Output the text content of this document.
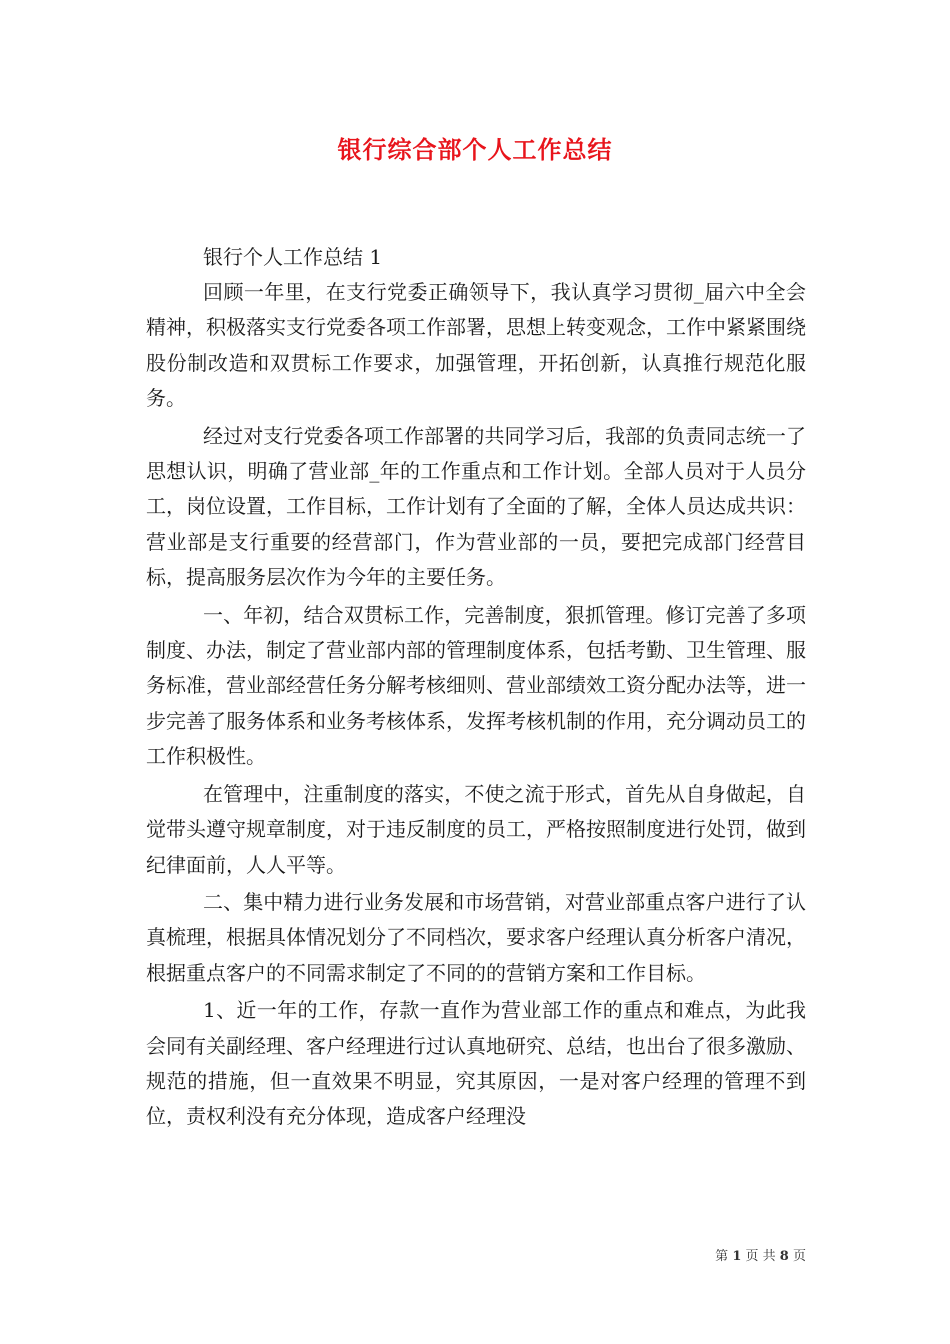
银行综合部个人工作总结
银行个人工作总结 1

回顾一年里，在支行党委正确领导下，我认真学习贯彻_届六中全会精神，积极落实支行党委各项工作部署，思想上转变观念，工作中紧紧围绕股份制改造和双贯标工作要求，加强管理，开拓创新，认真推行规范化服务。

经过对支行党委各项工作部署的共同学习后，我部的负责同志统一了思想认识，明确了营业部_年的工作重点和工作计划。全部人员对于人员分工，岗位设置，工作目标，工作计划有了全面的了解，全体人员达成共识：营业部是支行重要的经营部门，作为营业部的一员，要把完成部门经营目标，提高服务层次作为今年的主要任务。

一、年初，结合双贯标工作，完善制度，狠抓管理。修订完善了多项制度、办法，制定了营业部内部的管理制度体系，包括考勤、卫生管理、服务标准，营业部经营任务分解考核细则、营业部绩效工资分配办法等，进一步完善了服务体系和业务考核体系，发挥考核机制的作用，充分调动员工的工作积极性。

在管理中，注重制度的落实，不使之流于形式，首先从自身做起，自觉带头遵守规章制度，对于违反制度的员工，严格按照制度进行处罚，做到纪律面前，人人平等。

二、集中精力进行业务发展和市场营销，对营业部重点客户进行了认真梳理，根据具体情况划分了不同档次，要求客户经理认真分析客户清况，根据重点客户的不同需求制定了不同的的营销方案和工作目标。

1、近一年的工作，存款一直作为营业部工作的重点和难点，为此我会同有关副经理、客户经理进行过认真地研究、总结，也出台了很多激励、规范的措施，但一直效果不明显，究其原因，一是对客户经理的管理不到位，责权利没有充分体现，造成客户经理没

第 1 页 共 8 页
